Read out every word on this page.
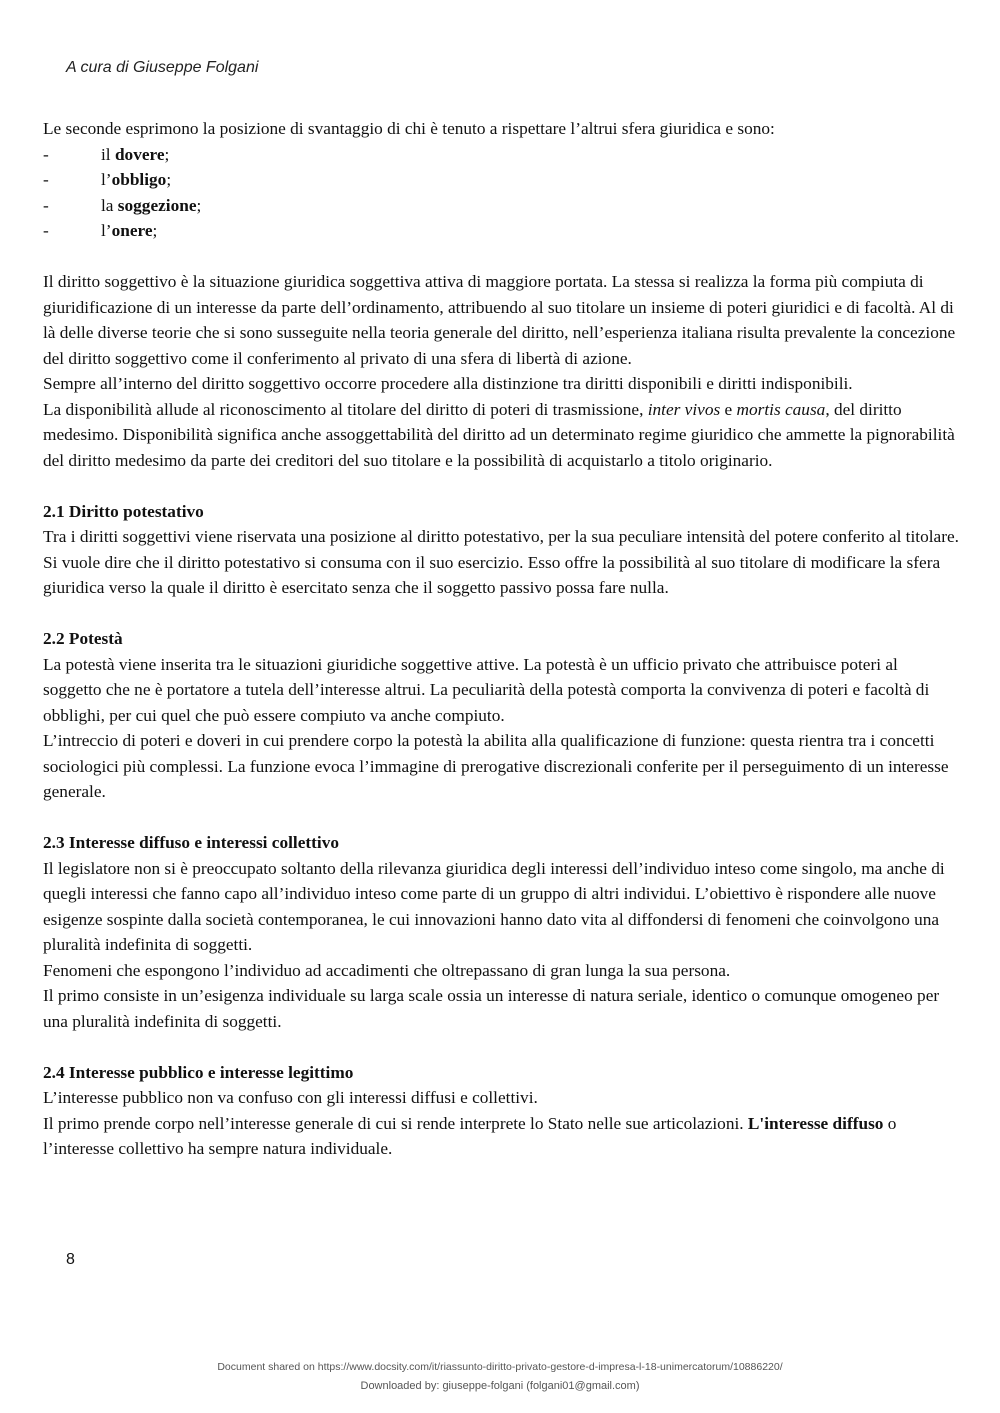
A cura di Giuseppe Folgani

Le seconde esprimono la posizione di svantaggio di chi è tenuto a rispettare l’altrui sfera giuridica e sono:

-	il dovere;
-	l’obbligo;
-	la soggezione;
-	l’onere;

Il diritto soggettivo è la situazione giuridica soggettiva attiva di maggiore portata. La stessa si realizza la forma più compiuta di giuridificazione di un interesse da parte dell’ordinamento, attribuendo al suo titolare un insieme di poteri giuridici e di facoltà. Al di là delle diverse teorie che si sono susseguite nella teoria generale del diritto, nell’esperienza italiana risulta prevalente la concezione del diritto soggettivo come il conferimento al privato di una sfera di libertà di azione.

Sempre all’interno del diritto soggettivo occorre procedere alla distinzione tra diritti disponibili e diritti indisponibili.

La disponibilità allude al riconoscimento al titolare del diritto di poteri di trasmissione, inter vivos e mortis causa, del diritto medesimo. Disponibilità significa anche assoggettabilità del diritto ad un determinato regime giuridico che ammette la pignorabilità del diritto medesimo da parte dei creditori del suo titolare e la possibilità di acquistarlo a titolo originario.

2.1 Diritto potestativo

Tra i diritti soggettivi viene riservata una posizione al diritto potestativo, per la sua peculiare intensità del potere conferito al titolare. Si vuole dire che il diritto potestativo si consuma con il suo esercizio. Esso offre la possibilità al suo titolare di modificare la sfera giuridica verso la quale il diritto è esercitato senza che il soggetto passivo possa fare nulla.

2.2 Potestà

La potestà viene inserita tra le situazioni giuridiche soggettive attive. La potestà è un ufficio privato che attribuisce poteri al soggetto che ne è portatore a tutela dell’interesse altrui. La peculiarità della potestà comporta la convivenza di poteri e facoltà di obblighi, per cui quel che può essere compiuto va anche compiuto.

L’intreccio di poteri e doveri in cui prendere corpo la potestà la abilita alla qualificazione di funzione: questa rientra tra i concetti sociologici più complessi. La funzione evoca l’immagine di prerogative discrezionali conferite per il perseguimento di un interesse generale.

2.3 Interesse diffuso e interessi collettivo

Il legislatore non si è preoccupato soltanto della rilevanza giuridica degli interessi dell’individuo inteso come singolo, ma anche di quegli interessi che fanno capo all’individuo inteso come parte di un gruppo di altri individui. L’obiettivo è rispondere alle nuove esigenze sospinte dalla società contemporanea, le cui innovazioni hanno dato vita al diffondersi di fenomeni che coinvolgono una pluralità indefinita di soggetti.

Fenomeni che espongono l’individuo ad accadimenti che oltrepassano di gran lunga la sua persona.

Il primo consiste in un’esigenza individuale su larga scale ossia un interesse di natura seriale, identico o comunque omogeneo per una pluralità indefinita di soggetti.

2.4 Interesse pubblico e interesse legittimo

L’interesse pubblico non va confuso con gli interessi diffusi e collettivi.

Il primo prende corpo nell’interesse generale di cui si rende interprete lo Stato nelle sue articolazioni. L'interesse diffuso o l’interesse collettivo ha sempre natura individuale.

8
Document shared on https://www.docsity.com/it/riassunto-diritto-privato-gestore-d-impresa-l-18-unimercatorum/10886220/
Downloaded by: giuseppe-folgani (folgani01@gmail.com)
